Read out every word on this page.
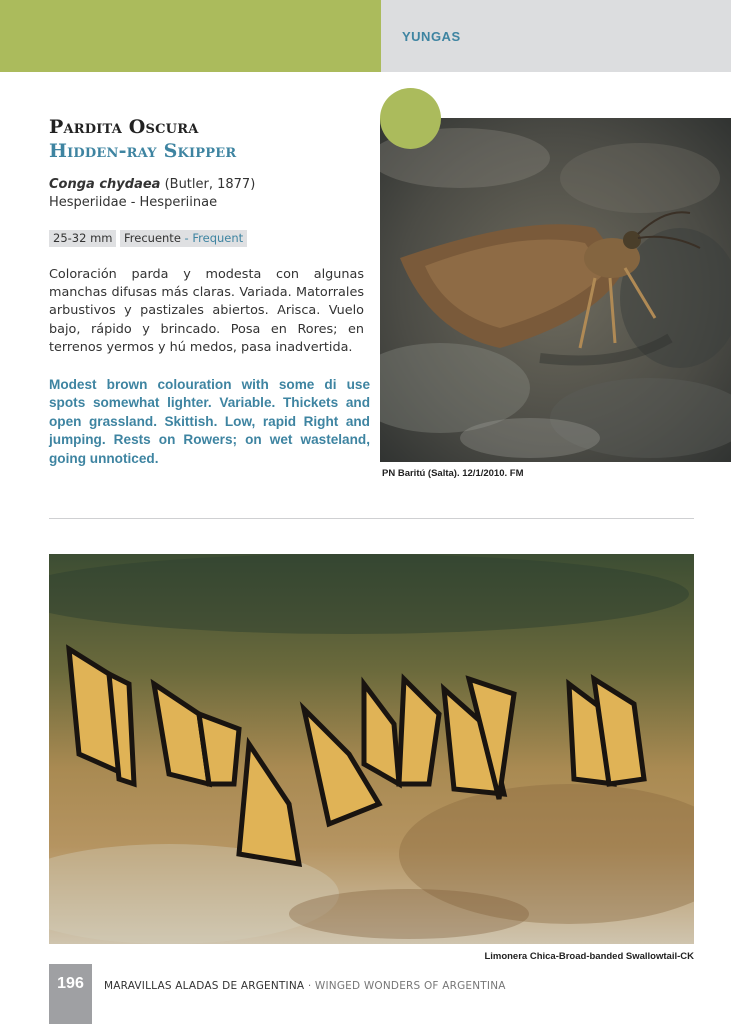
YUNGAS
Pardita Oscura
Hidden-ray Skipper
Conga chydaea (Butler, 1877)
Hesperiidae - Hesperiinae
25-32 mm	Frecuente - Frequent
Coloración parda y modesta con algunas manchas difusas más claras. Variada. Matorrales arbustivos y pastizales abiertos. Arisca. Vuelo bajo, rápido y brincado. Posa en Rores; en terrenos yermos y hú medos, pasa inadvertida.
Modest brown colouration with some di use spots somewhat lighter. Variable. Thickets and open grassland. Skittish. Low, rapid Right and jumping. Rests on Rowers; on wet wasteland, going unnoticed.
PN Baritú (Salta). 12/1/2010. FM
Limonera Chica-Broad-banded Swallowtail-CK
196	MARAVILLAS ALADAS DE ARGENTINA · WINGED WONDERS OF ARGENTINA
